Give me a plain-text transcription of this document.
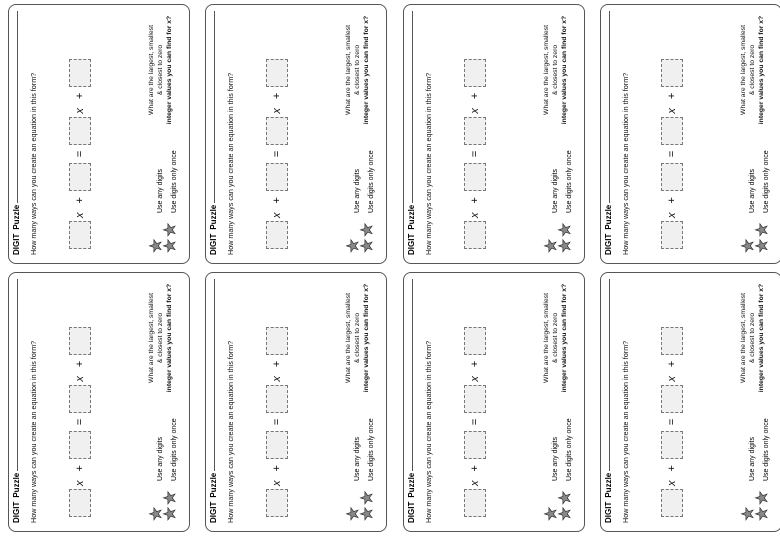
DIGITPuzzle How many ways can you create an equation in this form?	x
+
=
x
+
★
★
★
Use any digits Use digits only once
What are the largest, smallest & closest to zero integer values you can find for x?
DIGITPuzzle How many ways can you create an equation in this form?	x
+
=
x
+
★
★
★
Use any digits Use digits only once
What are the largest, smallest & closest to zero integer values you can find for x?
DIGITPuzzle How many ways can you create an equation in this form?	x
+
=
x
+
★
★
★
Use any digits Use digits only once
What are the largest, smallest & closest to zero integer values you can find for x?
DIGITPuzzle How many ways can you create an equation in this form?	x
+
=
x
+
★
★
★
Use any digits Use digits only once
What are the largest, smallest & closest to zero integer values you can find for x?
DIGITPuzzle How many ways can you create an equation in this form?	x
+
=
x
+
★
★
★
Use any digits Use digits only once
What are the largest, smallest & closest to zero integer values you can find for x?
DIGITPuzzle How many ways can you create an equation in this form?	x
+
=
x
+
★
★
★
Use any digits Use digits only once
What are the largest, smallest & closest to zero integer values you can find for x?
DIGITPuzzle How many ways can you create an equation in this form?	x
+
=
x
+
★
★
★
Use any digits Use digits only once
What are the largest, smallest & closest to zero integer values you can find for x?
DIGITPuzzle How many ways can you create an equation in this form?	x
+
=
x
+
★
★
★
Use any digits Use digits only once
What are the largest, smallest & closest to zero integer values you can find for x?
